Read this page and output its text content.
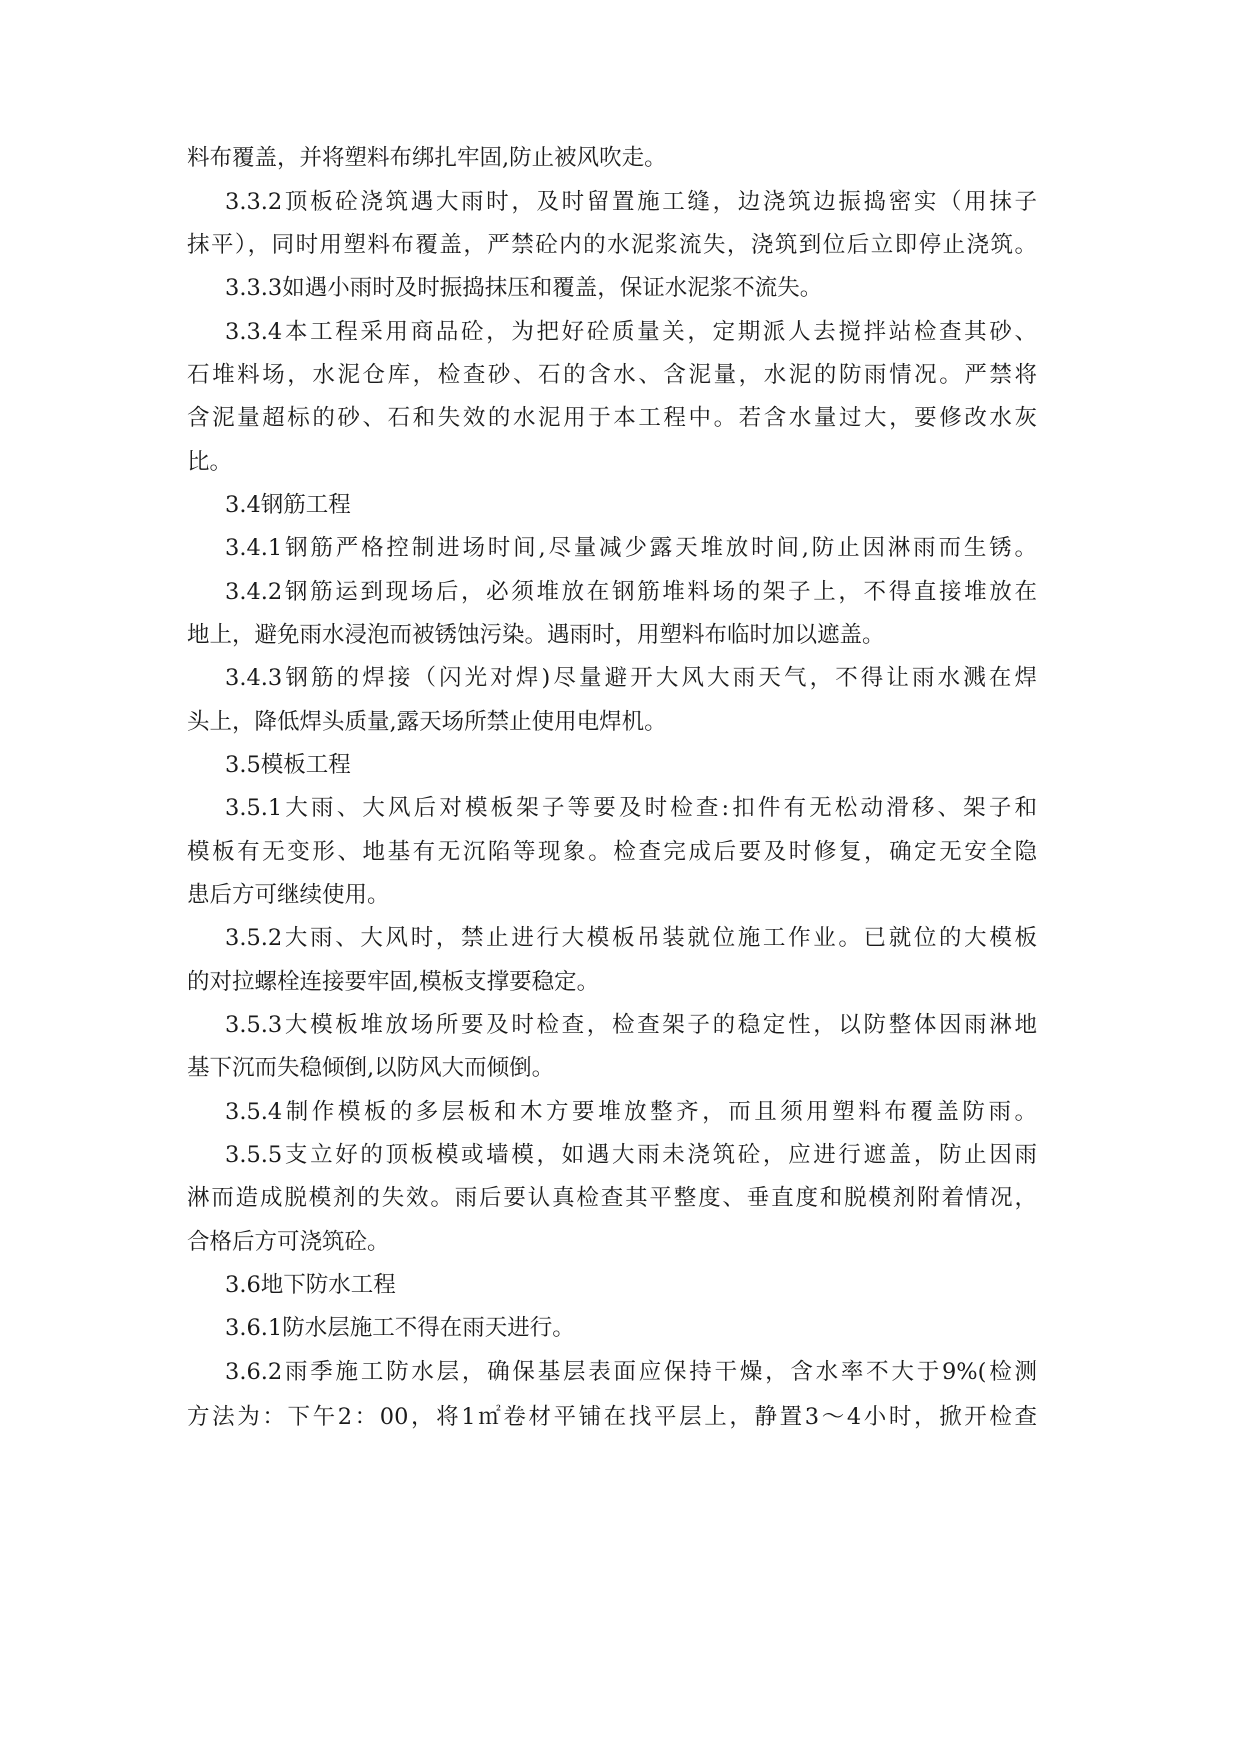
料布覆盖，并将塑料布绑扎牢固,防止被风吹走。
3.3.2顶板砼浇筑遇大雨时，及时留置施工缝，边浇筑边振捣密实（用抹子
抹平），同时用塑料布覆盖，严禁砼内的水泥浆流失，浇筑到位后立即停止浇筑。
3.3.3如遇小雨时及时振捣抹压和覆盖，保证水泥浆不流失。
3.3.4本工程采用商品砼，为把好砼质量关，定期派人去搅拌站检查其砂、
石堆料场，水泥仓库，检查砂、石的含水、含泥量，水泥的防雨情况。严禁将
含泥量超标的砂、石和失效的水泥用于本工程中。若含水量过大，要修改水灰
比。
3.4钢筋工程
3.4.1钢筋严格控制进场时间,尽量减少露天堆放时间,防止因淋雨而生锈。
3.4.2钢筋运到现场后，必须堆放在钢筋堆料场的架子上，不得直接堆放在
地上，避免雨水浸泡而被锈蚀污染。遇雨时，用塑料布临时加以遮盖。
3.4.3钢筋的焊接（闪光对焊)尽量避开大风大雨天气，不得让雨水溅在焊
头上，降低焊头质量,露天场所禁止使用电焊机。
3.5模板工程
3.5.1大雨、大风后对模板架子等要及时检查:扣件有无松动滑移、架子和
模板有无变形、地基有无沉陷等现象。检查完成后要及时修复，确定无安全隐
患后方可继续使用。
3.5.2大雨、大风时，禁止进行大模板吊装就位施工作业。已就位的大模板
的对拉螺栓连接要牢固,模板支撑要稳定。
3.5.3大模板堆放场所要及时检查，检查架子的稳定性，以防整体因雨淋地
基下沉而失稳倾倒,以防风大而倾倒。
3.5.4制作模板的多层板和木方要堆放整齐，而且须用塑料布覆盖防雨。
3.5.5支立好的顶板模或墙模，如遇大雨未浇筑砼，应进行遮盖，防止因雨
淋而造成脱模剂的失效。雨后要认真检查其平整度、垂直度和脱模剂附着情况，
合格后方可浇筑砼。
3.6地下防水工程
3.6.1防水层施工不得在雨天进行。
3.6.2雨季施工防水层，确保基层表面应保持干燥，含水率不大于9%(检测
方法为：下午2：00，将1㎡卷材平铺在找平层上，静置3～4小时，掀开检查
